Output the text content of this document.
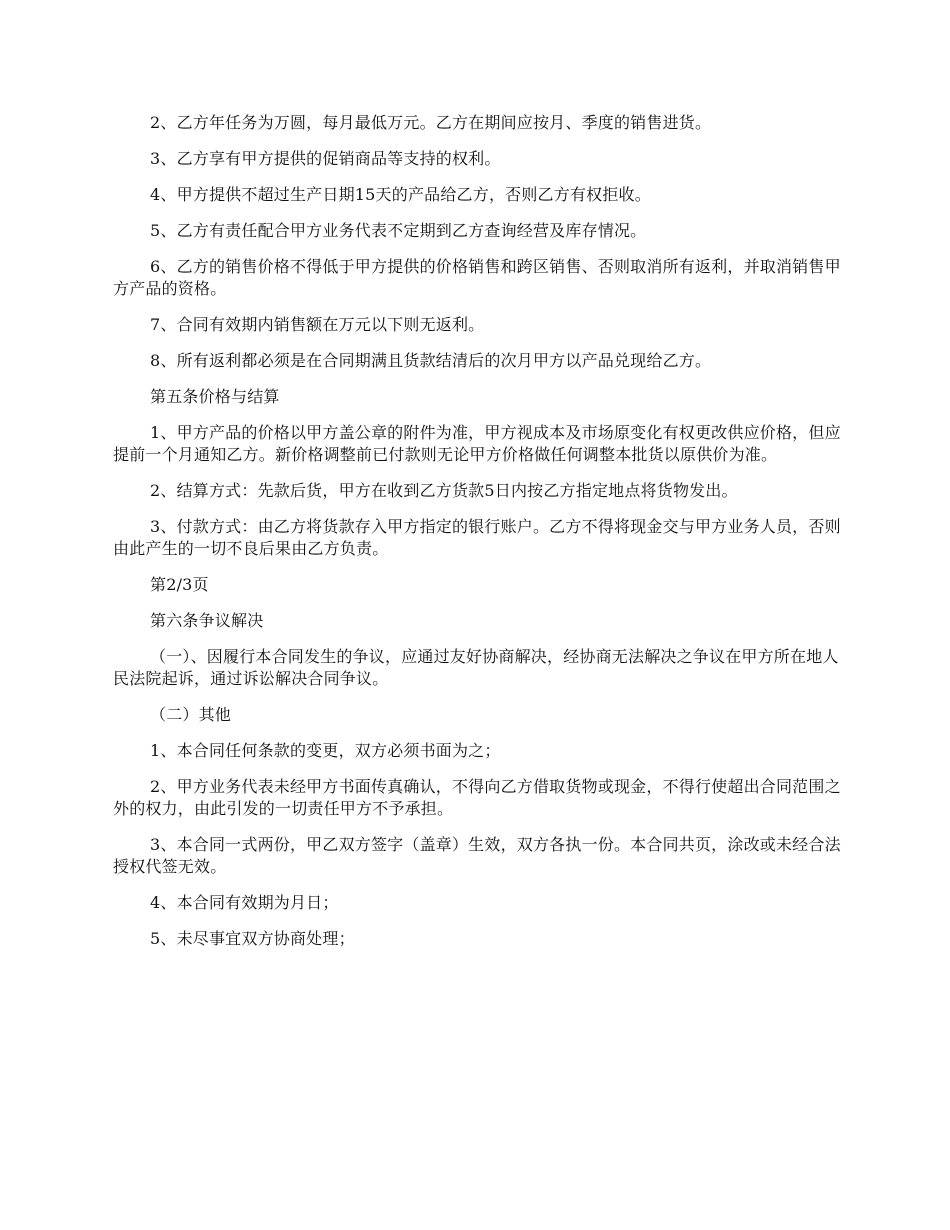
2、乙方年任务为万圆，每月最低万元。乙方在期间应按月、季度的销售进货。

3、乙方享有甲方提供的促销商品等支持的权利。

4、甲方提供不超过生产日期15天的产品给乙方，否则乙方有权拒收。

5、乙方有责任配合甲方业务代表不定期到乙方查询经营及库存情况。

6、乙方的销售价格不得低于甲方提供的价格销售和跨区销售、否则取消所有返利，并取消销售甲方产品的资格。

7、合同有效期内销售额在万元以下则无返利。

8、所有返利都必须是在合同期满且货款结清后的次月甲方以产品兑现给乙方。

第五条价格与结算

1、甲方产品的价格以甲方盖公章的附件为准，甲方视成本及市场原变化有权更改供应价格，但应提前一个月通知乙方。新价格调整前已付款则无论甲方价格做任何调整本批货以原供价为准。

2、结算方式：先款后货，甲方在收到乙方货款5日内按乙方指定地点将货物发出。

3、付款方式：由乙方将货款存入甲方指定的银行账户。乙方不得将现金交与甲方业务人员，否则由此产生的一切不良后果由乙方负责。

第2/3页

第六条争议解决

（一）、因履行本合同发生的争议，应通过友好协商解决，经协商无法解决之争议在甲方所在地人民法院起诉，通过诉讼解决合同争议。

（二）其他

1、本合同任何条款的变更，双方必须书面为之；

2、甲方业务代表未经甲方书面传真确认，不得向乙方借取货物或现金，不得行使超出合同范围之外的权力，由此引发的一切责任甲方不予承担。

3、本合同一式两份，甲乙双方签字（盖章）生效，双方各执一份。本合同共页，涂改或未经合法授权代签无效。

4、本合同有效期为月日；

5、未尽事宜双方协商处理；
